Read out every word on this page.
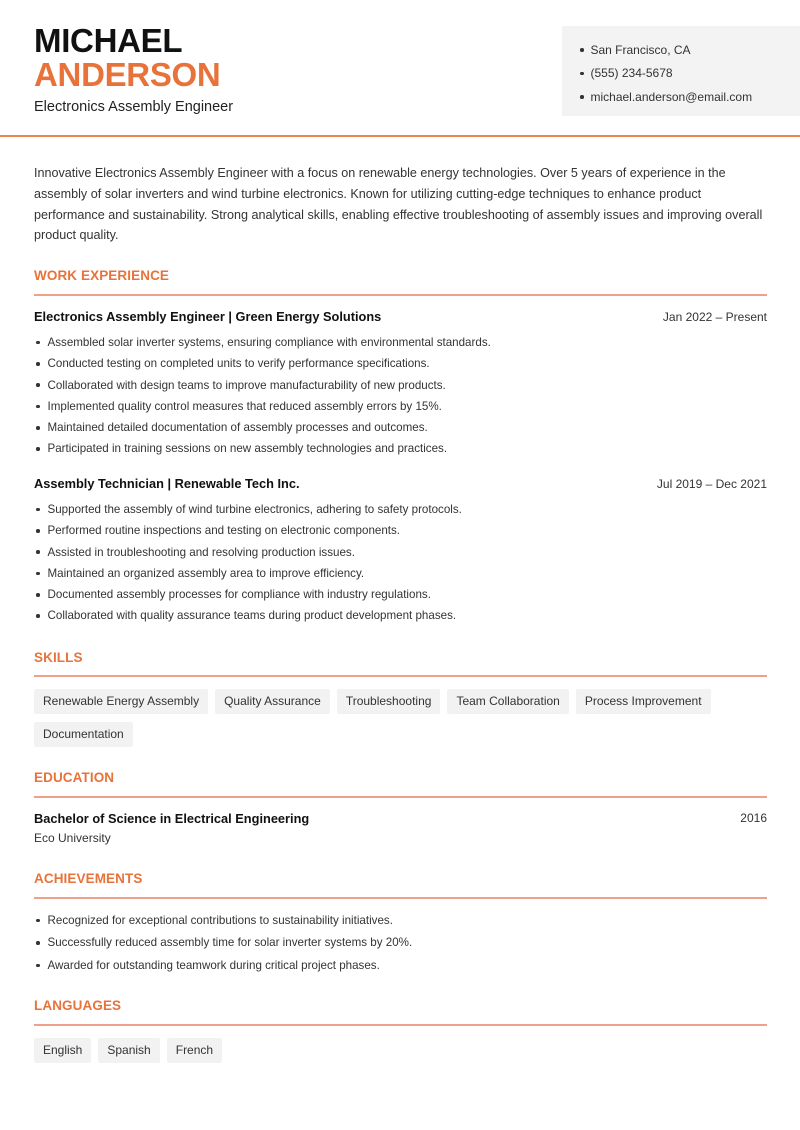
MICHAEL
ANDERSON
Electronics Assembly Engineer
San Francisco, CA
(555) 234-5678
michael.anderson@email.com

Innovative Electronics Assembly Engineer with a focus on renewable energy technologies. Over 5 years of experience in the assembly of solar inverters and wind turbine electronics. Known for utilizing cutting-edge techniques to enhance product performance and sustainability. Strong analytical skills, enabling effective troubleshooting of assembly issues and improving overall product quality.

WORK EXPERIENCE
Electronics Assembly Engineer | Green Energy Solutions	Jan 2022 – Present
Assembled solar inverter systems, ensuring compliance with environmental standards.
Conducted testing on completed units to verify performance specifications.
Collaborated with design teams to improve manufacturability of new products.
Implemented quality control measures that reduced assembly errors by 15%.
Maintained detailed documentation of assembly processes and outcomes.
Participated in training sessions on new assembly technologies and practices.
Assembly Technician | Renewable Tech Inc.	Jul 2019 – Dec 2021
Supported the assembly of wind turbine electronics, adhering to safety protocols.
Performed routine inspections and testing on electronic components.
Assisted in troubleshooting and resolving production issues.
Maintained an organized assembly area to improve efficiency.
Documented assembly processes for compliance with industry regulations.
Collaborated with quality assurance teams during product development phases.
SKILLS
Renewable Energy Assembly	Quality Assurance	Troubleshooting	Team Collaboration	Process Improvement
Documentation
EDUCATION
Bachelor of Science in Electrical Engineering	2016
Eco University
ACHIEVEMENTS
Recognized for exceptional contributions to sustainability initiatives.
Successfully reduced assembly time for solar inverter systems by 20%.
Awarded for outstanding teamwork during critical project phases.
LANGUAGES
English	Spanish	French
